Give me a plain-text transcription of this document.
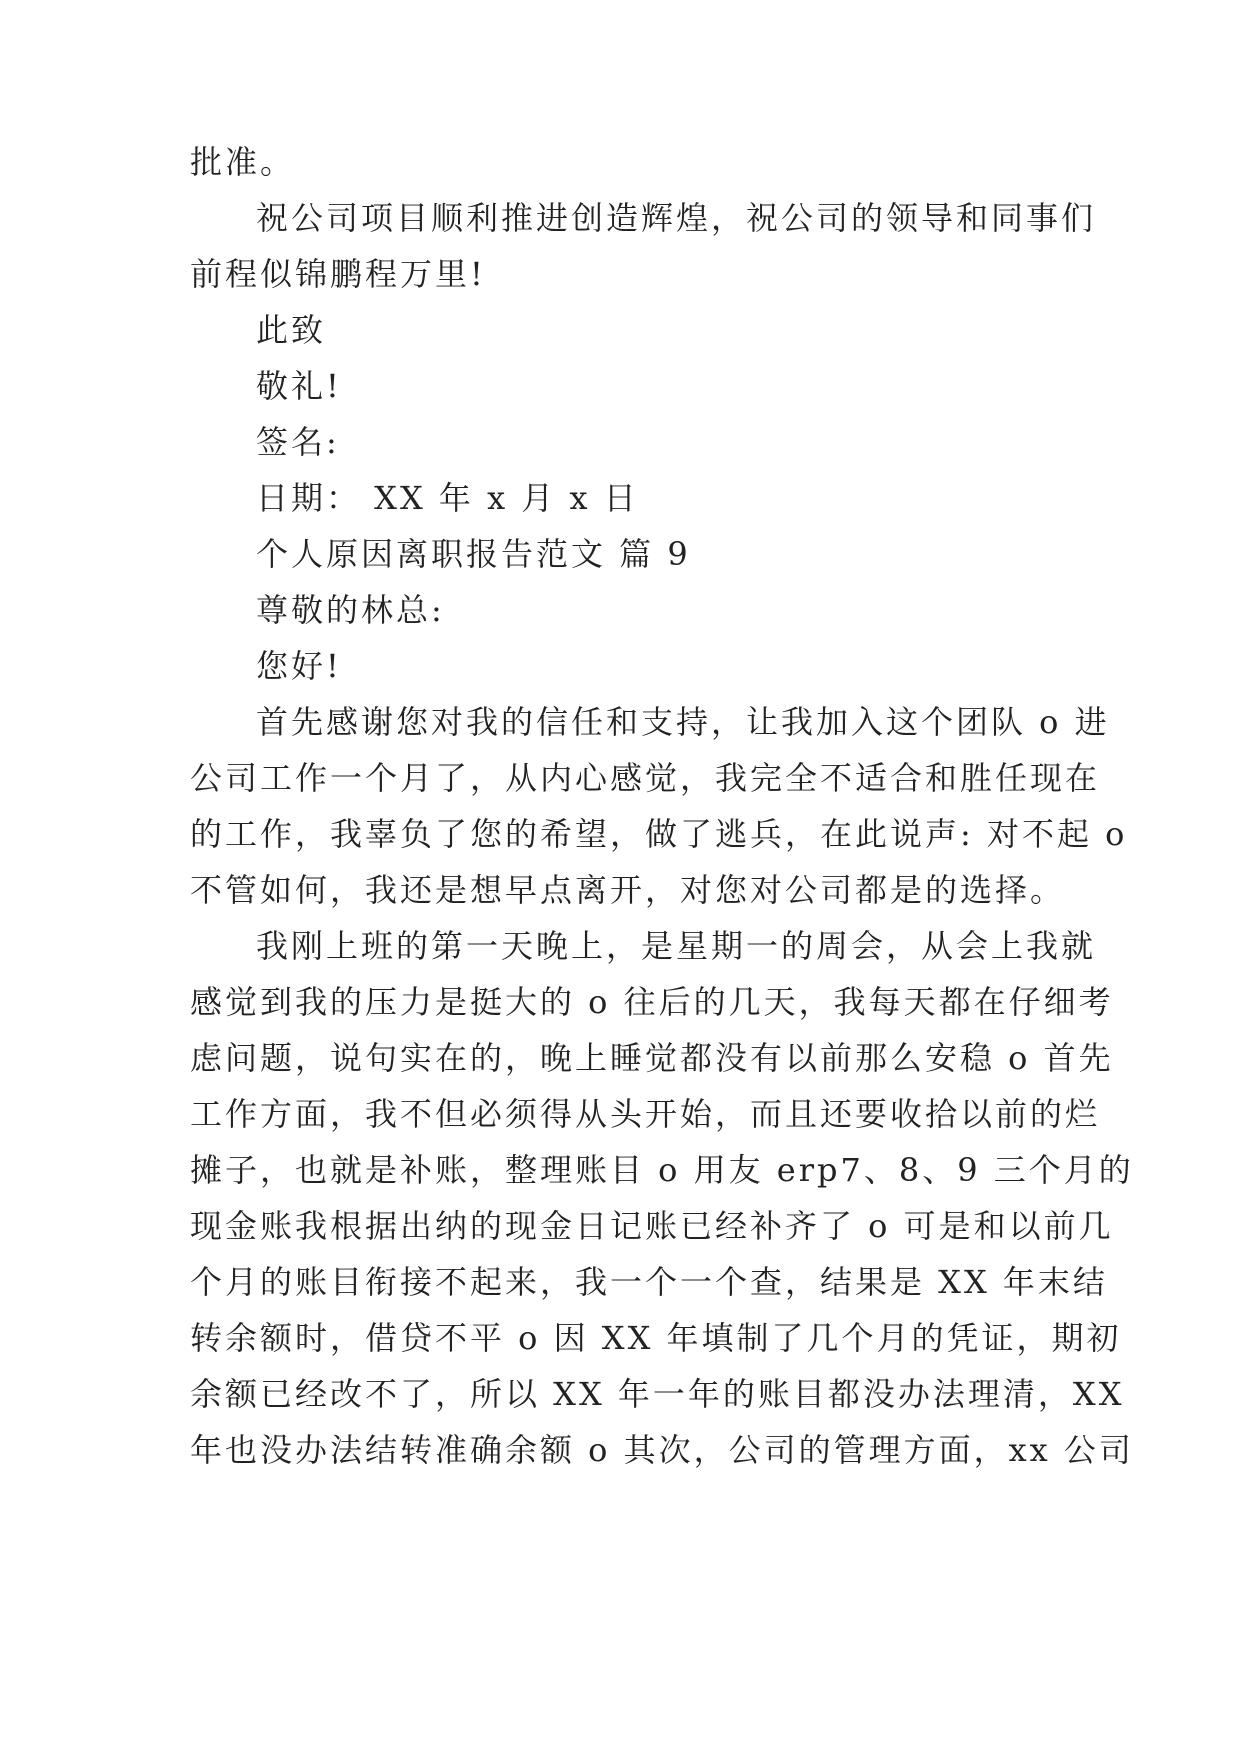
批准。
祝公司项目顺利推进创造辉煌，祝公司的领导和同事们
前程似锦鹏程万里!
此致
敬礼!
签名:
日期： XX 年 x 月 x 日
个人原因离职报告范文 篇 9
尊敬的林总:
您好!
首先感谢您对我的信任和支持，让我加入这个团队 o 进
公司工作一个月了，从内心感觉，我完全不适合和胜任现在
的工作，我辜负了您的希望，做了逃兵，在此说声: 对不起 o
不管如何，我还是想早点离开，对您对公司都是的选择。
我刚上班的第一天晚上，是星期一的周会，从会上我就
感觉到我的压力是挺大的 o 往后的几天，我每天都在仔细考
虑问题，说句实在的，晚上睡觉都没有以前那么安稳 o 首先
工作方面，我不但必须得从头开始，而且还要收拾以前的烂
摊子，也就是补账，整理账目 o 用友 erp7、8、9 三个月的
现金账我根据出纳的现金日记账已经补齐了 o 可是和以前几
个月的账目衔接不起来，我一个一个查，结果是 XX 年末结
转余额时，借贷不平 o 因 XX 年填制了几个月的凭证，期初
余额已经改不了，所以 XX 年一年的账目都没办法理清，XX
年也没办法结转准确余额 o 其次，公司的管理方面，xx 公司
